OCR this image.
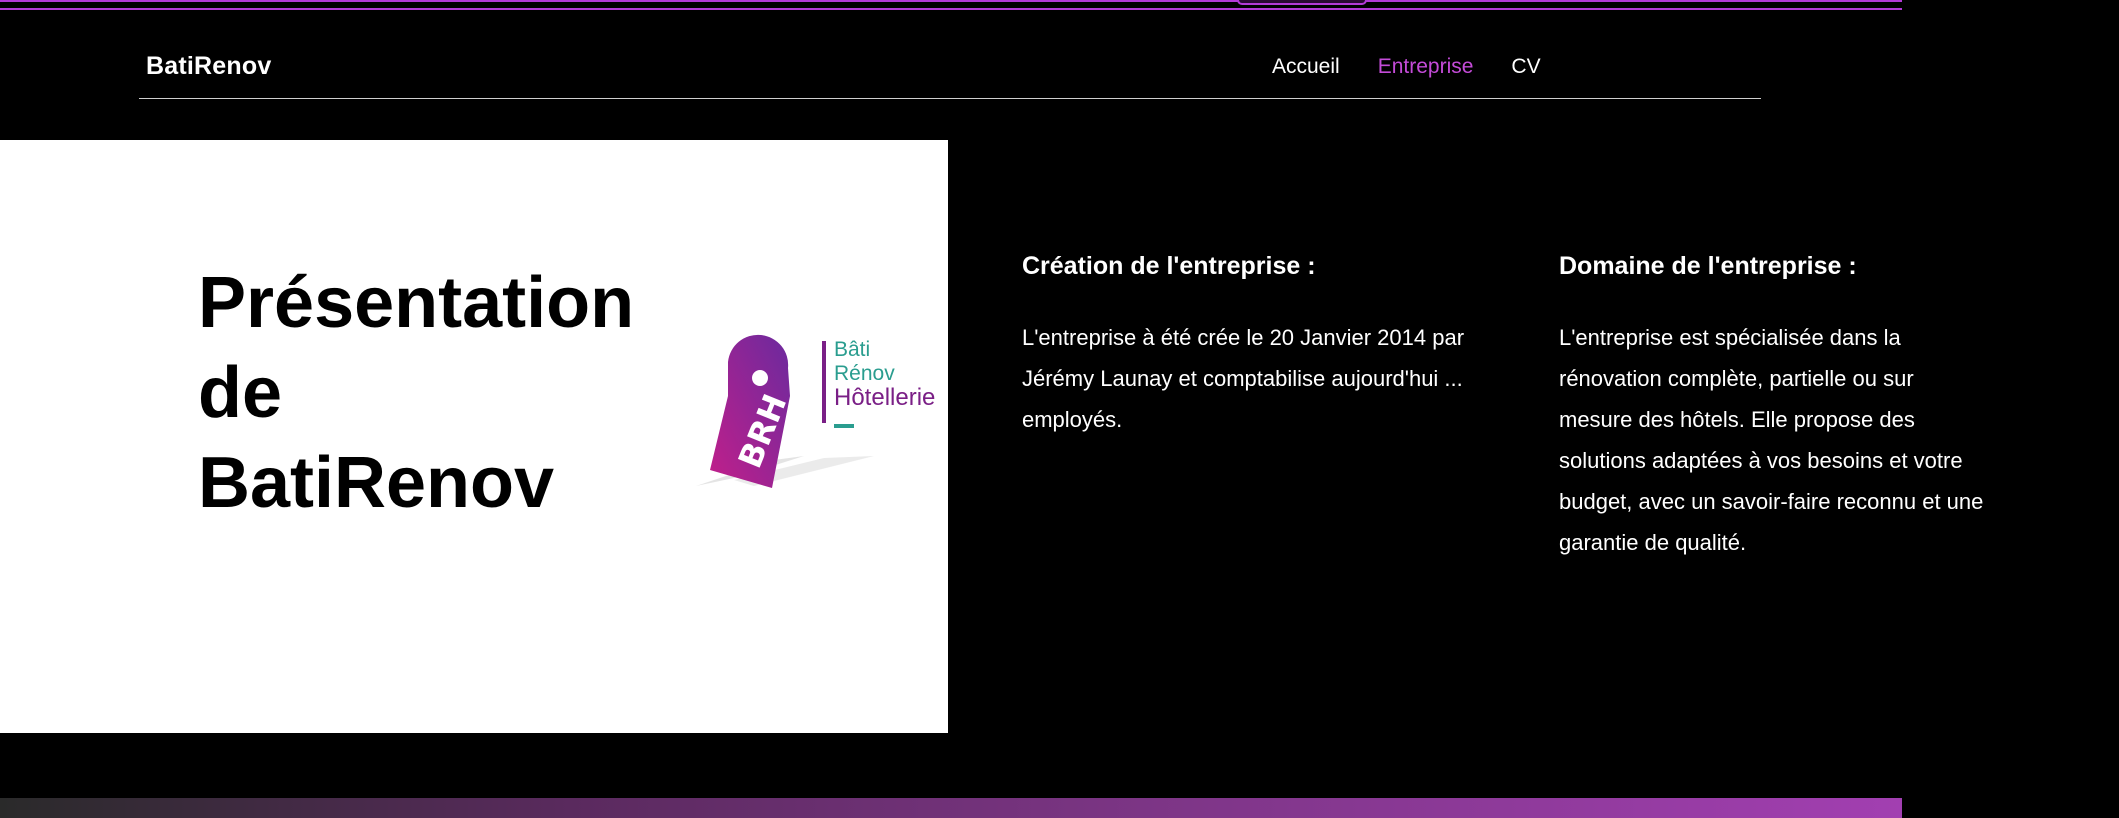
BatiRenov	Accueil Entreprise CV
Présentation
de
BatiRenov
BRH
Bâti
Rénov
Hôtellerie
Création de l'entreprise :

L'entreprise à été crée le 20 Janvier 2014 par
Jérémy Launay et comptabilise aujourd'hui ...
employés.

Domaine de l'entreprise :

L'entreprise est spécialisée dans la
rénovation complète, partielle ou sur
mesure des hôtels. Elle propose des
solutions adaptées à vos besoins et votre
budget, avec un savoir-faire reconnu et une
garantie de qualité.
